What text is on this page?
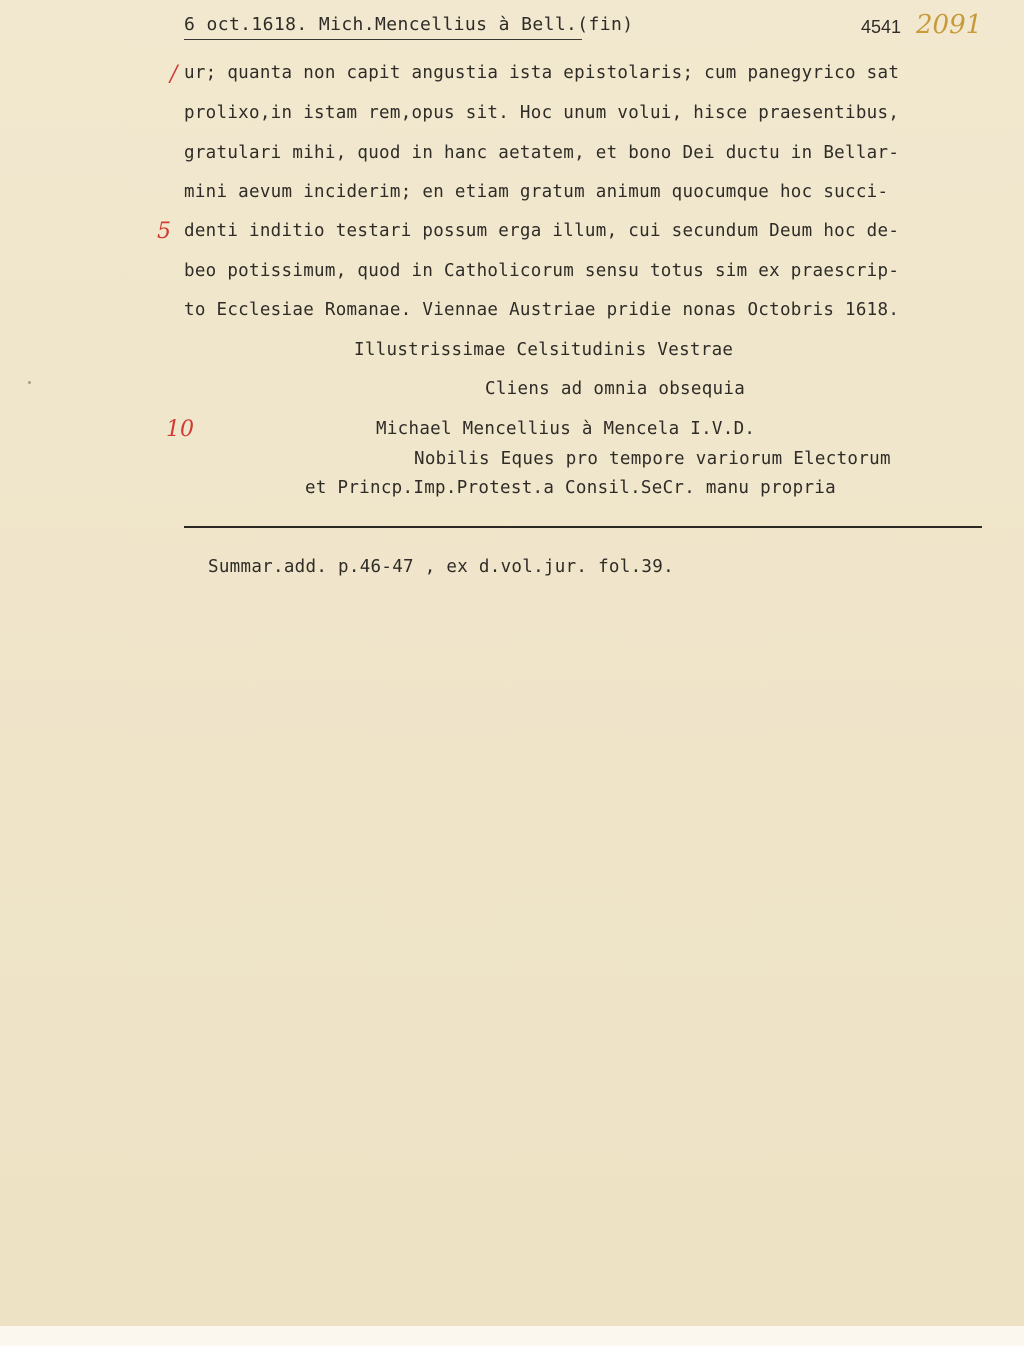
6 oct.1618. Mich.Mencellius à Bell.(fin)	4541 2091
/
5
10
ur; quanta non capit angustia ista epistolaris; cum panegyrico sat
prolixo,in istam rem,opus sit. Hoc unum volui, hisce praesentibus,
gratulari mihi, quod in hanc aetatem, et bono Dei ductu in Bellar-
mini aevum inciderim; en etiam gratum animum quocumque hoc succi-
denti inditio testari possum erga illum, cui secundum Deum hoc de-
beo potissimum, quod in Catholicorum sensu totus sim ex praescrip-
to Ecclesiae Romanae. Viennae Austriae pridie nonas Octobris 1618.
Illustrissimae Celsitudinis Vestrae
Cliens ad omnia obsequia
Michael Mencellius à Mencela I.V.D.
Nobilis Eques pro tempore variorum Electorum
et Princp.Imp.Protest.a Consil.SeCr. manu propria
Summar.add. p.46-47 , ex d.vol.jur. fol.39.
